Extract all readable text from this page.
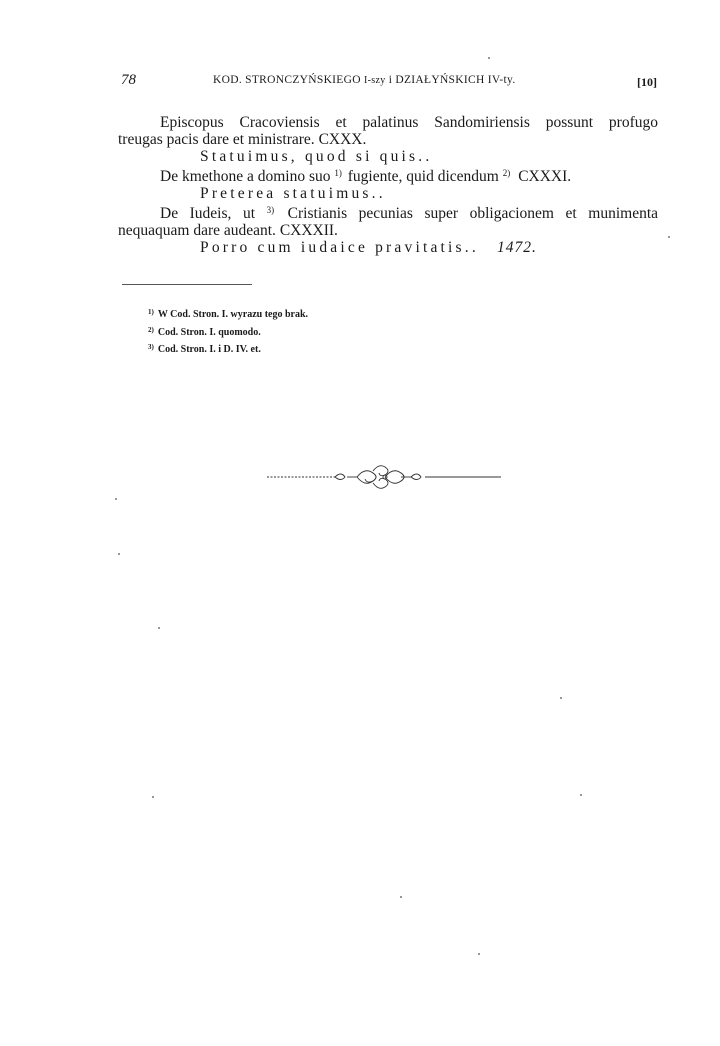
78	KOD. STRONCZYŃSKIEGO I-szy i DZIAŁYŃSKICH IV-ty.	[10]

Episcopus Cracoviensis et palatinus Sandomiriensis possunt profugo

treugas pacis dare et ministrare. CXXX.

Statuimus, quod si quis..

De kmethone a domino suo $^{1)}$ fugiente, quid dicendum $^{2)}$ CXXXI.

Preterea statuimus..

De Iudeis, ut $^{3)}$ Cristianis pecunias super obligacionem et munimenta

nequaquam dare audeant. CXXXII.

Porro cum iudaice pravitatis.. 1472.

$^{1)}$ W Cod. Stron. I. wyrazu tego brak.

$^{2)}$ Cod. Stron. I. quomodo.

$^{3)}$ Cod. Stron. I. i D. IV. et.
